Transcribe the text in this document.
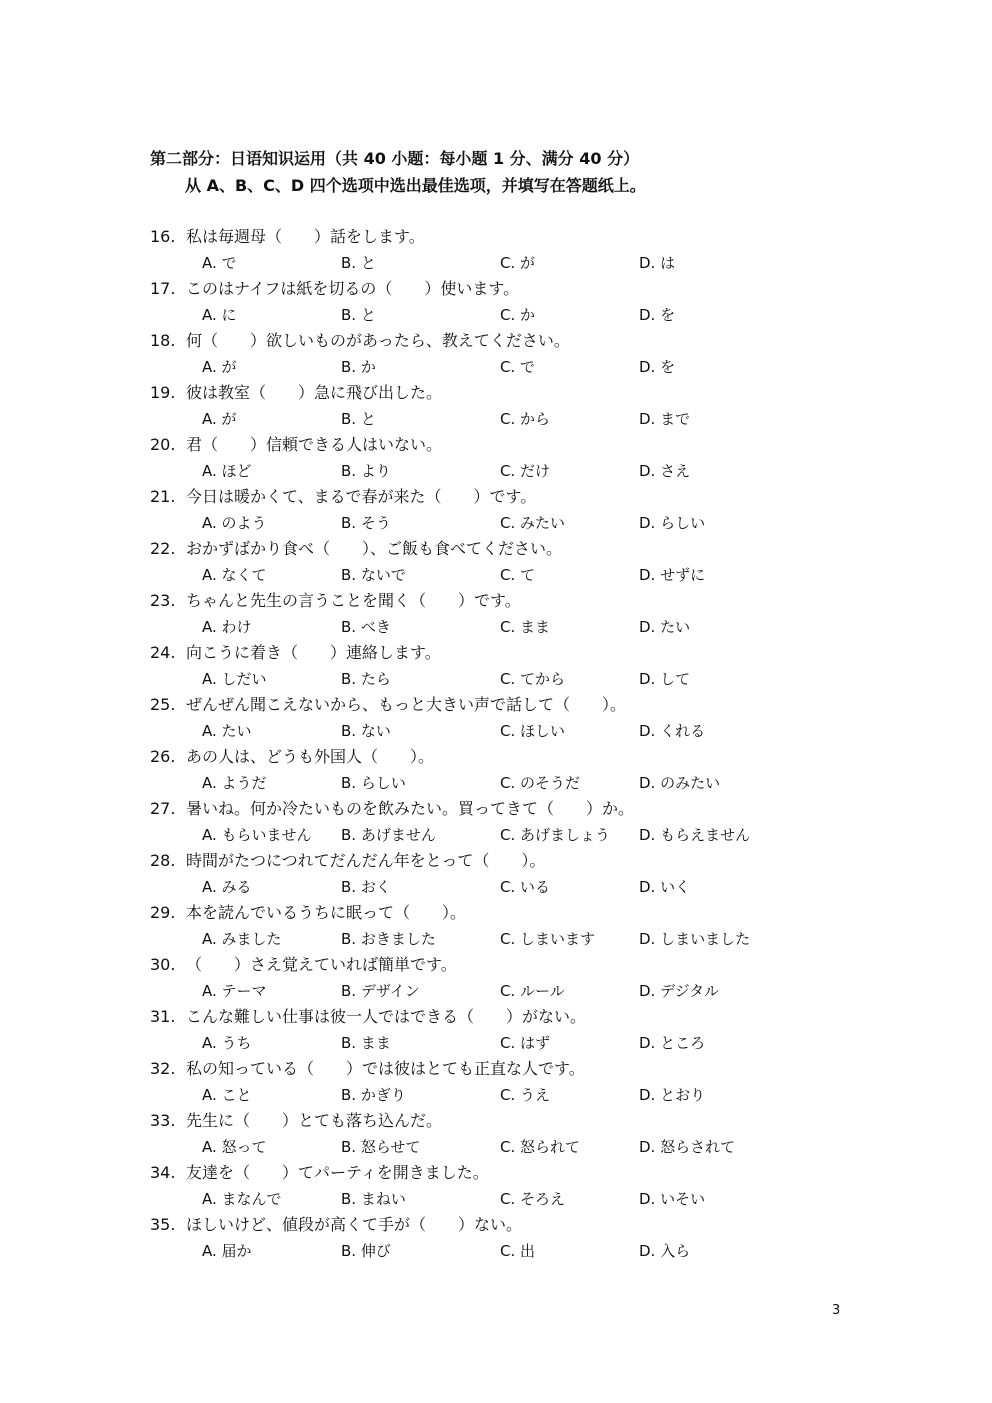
第二部分：日语知识运用（共 40 小题：每小题 1 分、满分 40 分）
从 A、B、C、D 四个选项中选出最佳选项，并填写在答题纸上。
16. 私は毎週母（　　）話をします。
A. で	B. と	C. が	D. は
17. このはナイフは紙を切るの（　　）使います。
A. に	B. と	C. か	D. を
18. 何（　　）欲しいものがあったら、教えてください。
A. が	B. か	C. で	D. を
19. 彼は教室（　　）急に飛び出した。
A. が	B. と	C. から	D. まで
20. 君（　　）信頼できる人はいない。
A. ほど	B. より	C. だけ	D. さえ
21. 今日は暖かくて、まるで春が来た（　　）です。
A. のよう	B. そう	C. みたい	D. らしい
22. おかずばかり食べ（　　）、ご飯も食べてください。
A. なくて	B. ないで	C. て	D. せずに
23. ちゃんと先生の言うことを聞く（　　）です。
A. わけ	B. べき	C. まま	D. たい
24. 向こうに着き（　　）連絡します。
A. しだい	B. たら	C. てから	D. して
25. ぜんぜん聞こえないから、もっと大きい声で話して（　　）。
A. たい	B. ない	C. ほしい	D. くれる
26. あの人は、どうも外国人（　　）。
A. ようだ	B. らしい	C. のそうだ	D. のみたい
27. 暑いね。何か冷たいものを飲みたい。買ってきて（　　）か。
A. もらいません B. あげません	C. あげましょう D. もらえません
28. 時間がたつにつれてだんだん年をとって（　　）。
A. みる	B. おく	C. いる	D. いく
29. 本を読んでいるうちに眠って（　　）。
A. みました	B. おきました	C. しまいます	D. しまいました
30. （　　）さえ覚えていれば簡単です。
A. テーマ	B. デザイン	C. ルール	D. デジタル
31. こんな難しい仕事は彼一人ではできる（　　）がない。
A. うち	B. まま	C. はず	D. ところ
32. 私の知っている（　　）では彼はとても正直な人です。
A. こと	B. かぎり	C. うえ	D. とおり
33. 先生に（　　）とても落ち込んだ。
A. 怒って	B. 怒らせて	C. 怒られて	D. 怒らされて
34. 友達を（　　）てパーティを開きました。
A. まなんで	B. まねい	C. そろえ	D. いそい
35. ほしいけど、値段が高くて手が（　　）ない。
A. 届か	B. 伸び	C. 出	D. 入ら
3
